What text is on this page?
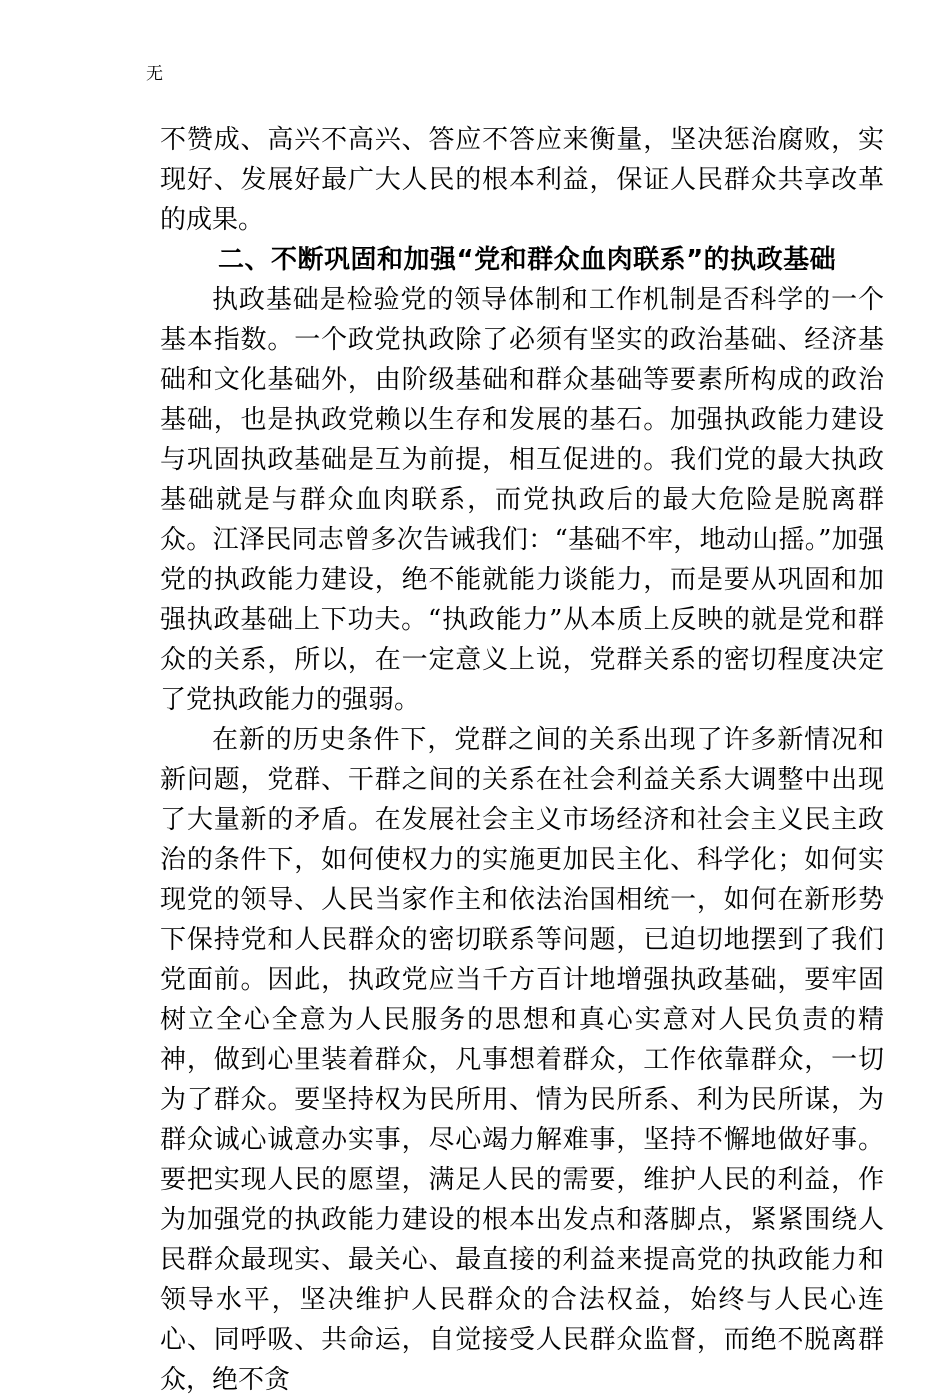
无

不赞成、高兴不高兴、答应不答应来衡量，坚决惩治腐败，实现好、发展好最广大人民的根本利益，保证人民群众共享改革的成果。

二、不断巩固和加强“党和群众血肉联系”的执政基础

执政基础是检验党的领导体制和工作机制是否科学的一个基本指数。一个政党执政除了必须有坚实的政治基础、经济基础和文化基础外，由阶级基础和群众基础等要素所构成的政治基础，也是执政党赖以生存和发展的基石。加强执政能力建设与巩固执政基础是互为前提，相互促进的。我们党的最大执政基础就是与群众血肉联系，而党执政后的最大危险是脱离群众。江泽民同志曾多次告诫我们：“基础不牢，地动山摇。”加强党的执政能力建设，绝不能就能力谈能力，而是要从巩固和加强执政基础上下功夫。“执政能力”从本质上反映的就是党和群众的关系，所以，在一定意义上说，党群关系的密切程度决定了党执政能力的强弱。

在新的历史条件下，党群之间的关系出现了许多新情况和新问题，党群、干群之间的关系在社会利益关系大调整中出现了大量新的矛盾。在发展社会主义市场经济和社会主义民主政治的条件下，如何使权力的实施更加民主化、科学化；如何实现党的领导、人民当家作主和依法治国相统一，如何在新形势下保持党和人民群众的密切联系等问题，已迫切地摆到了我们党面前。因此，执政党应当千方百计地增强执政基础，要牢固树立全心全意为人民服务的思想和真心实意对人民负责的精神，做到心里装着群众，凡事想着群众，工作依靠群众，一切为了群众。要坚持权为民所用、情为民所系、利为民所谋，为群众诚心诚意办实事，尽心竭力解难事，坚持不懈地做好事。要把实现人民的愿望，满足人民的需要，维护人民的利益，作为加强党的执政能力建设的根本出发点和落脚点，紧紧围绕人民群众最现实、最关心、最直接的利益来提高党的执政能力和领导水平，坚决维护人民群众的合法权益，始终与人民心连心、同呼吸、共命运，自觉接受人民群众监督，而绝不脱离群众，绝不贪
